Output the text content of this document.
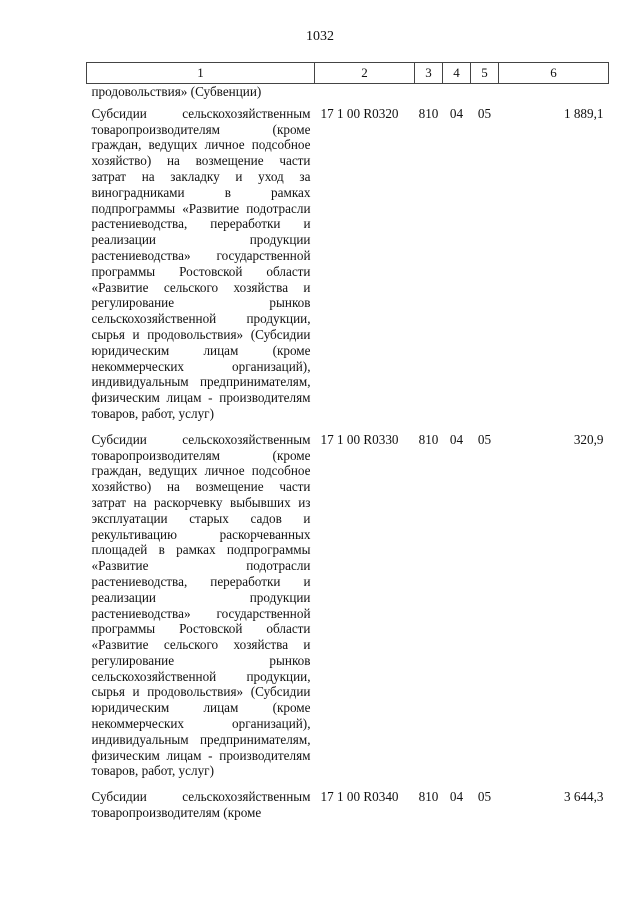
1032
1	2	3	4	5	6
продовольствия» (Субвенции)					
Субсидии сельскохозяйственным товаропроизводителям (кроме граждан, ведущих личное подсобное хозяйство) на возмещение части затрат на закладку и уход за виноградниками в рамках подпрограммы «Развитие подотрасли растениеводства, переработки и реализации продукции растениеводства» государственной программы Ростовской области «Развитие сельского хозяйства и регулирование рынков сельскохозяйственной продукции, сырья и продовольствия» (Субсидии юридическим лицам (кроме некоммерческих организаций), индивидуальным предпринимателям, физическим лицам - производителям товаров, работ, услуг)	17 1 00 R0320	810	04	05	1 889,1
Субсидии сельскохозяйственным товаропроизводителям (кроме граждан, ведущих личное подсобное хозяйство) на возмещение части затрат на раскорчевку выбывших из эксплуатации старых садов и рекультивацию раскорчеванных площадей в рамках подпрограммы «Развитие подотрасли растениеводства, переработки и реализации продукции растениеводства» государственной программы Ростовской области «Развитие сельского хозяйства и регулирование рынков сельскохозяйственной продукции, сырья и продовольствия» (Субсидии юридическим лицам (кроме некоммерческих организаций), индивидуальным предпринимателям, физическим лицам - производителям товаров, работ, услуг)	17 1 00 R0330	810	04	05	320,9
Субсидии сельскохозяйственным товаропроизводителям (кроме	17 1 00 R0340	810	04	05	3 644,3
